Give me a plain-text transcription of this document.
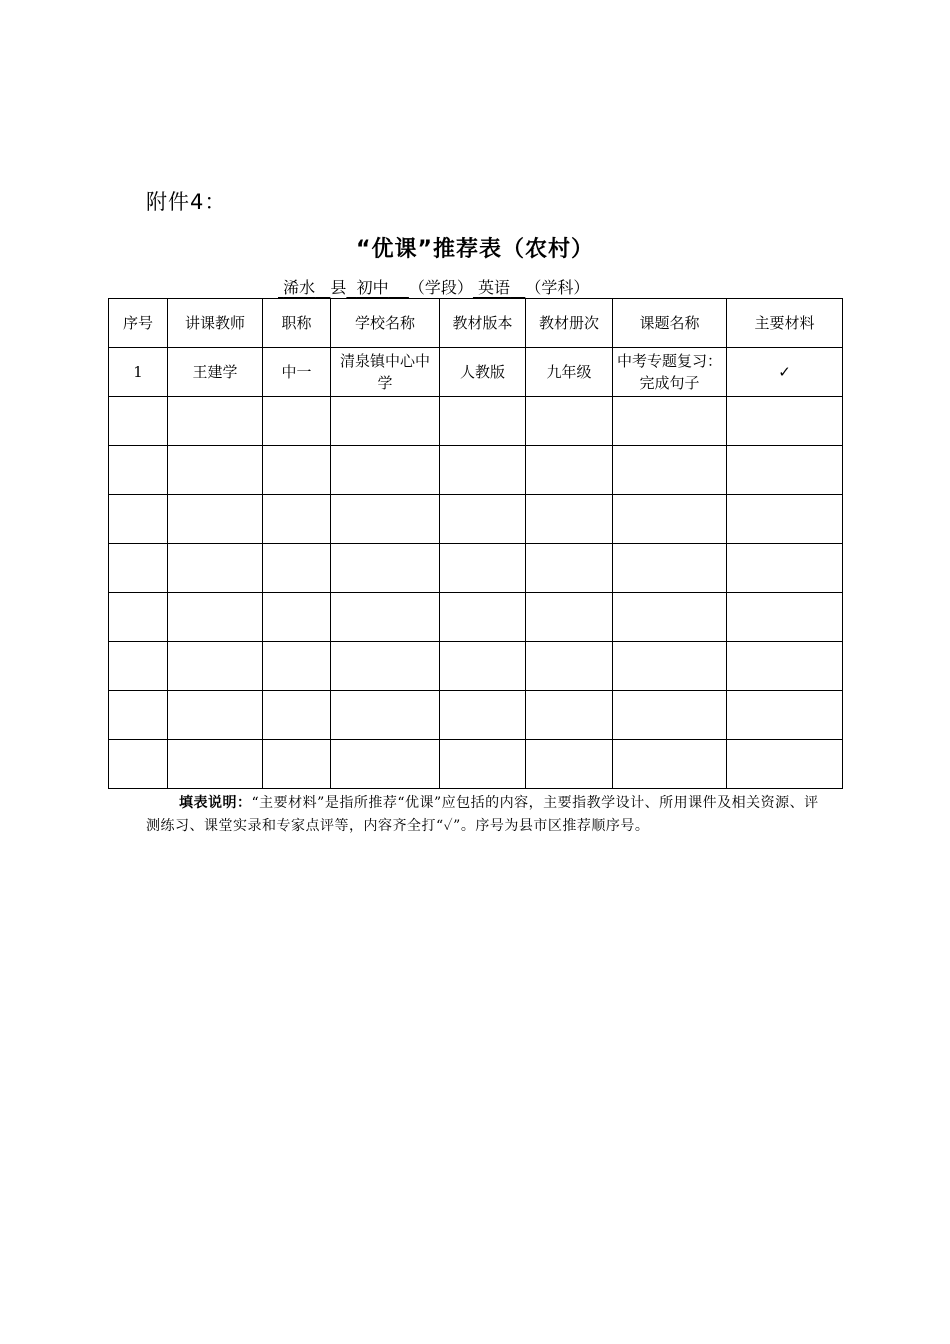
附件4：
“优课”推荐表（农村）
浠水 县 初中 （学段） 英语 （学科）
序号	讲课教师	职称	学校名称	教材版本	教材册次	课题名称	主要材料
1	王建学	中一	清泉镇中心中学	人教版	九年级	中考专题复习：完成句子	✓

填表说明：“主要材料”是指所推荐“优课”应包括的内容，主要指教学设计、所用课件及相关资源、评测练习、课堂实录和专家点评等，内容齐全打“✓”。序号为县市区推荐顺序号。
